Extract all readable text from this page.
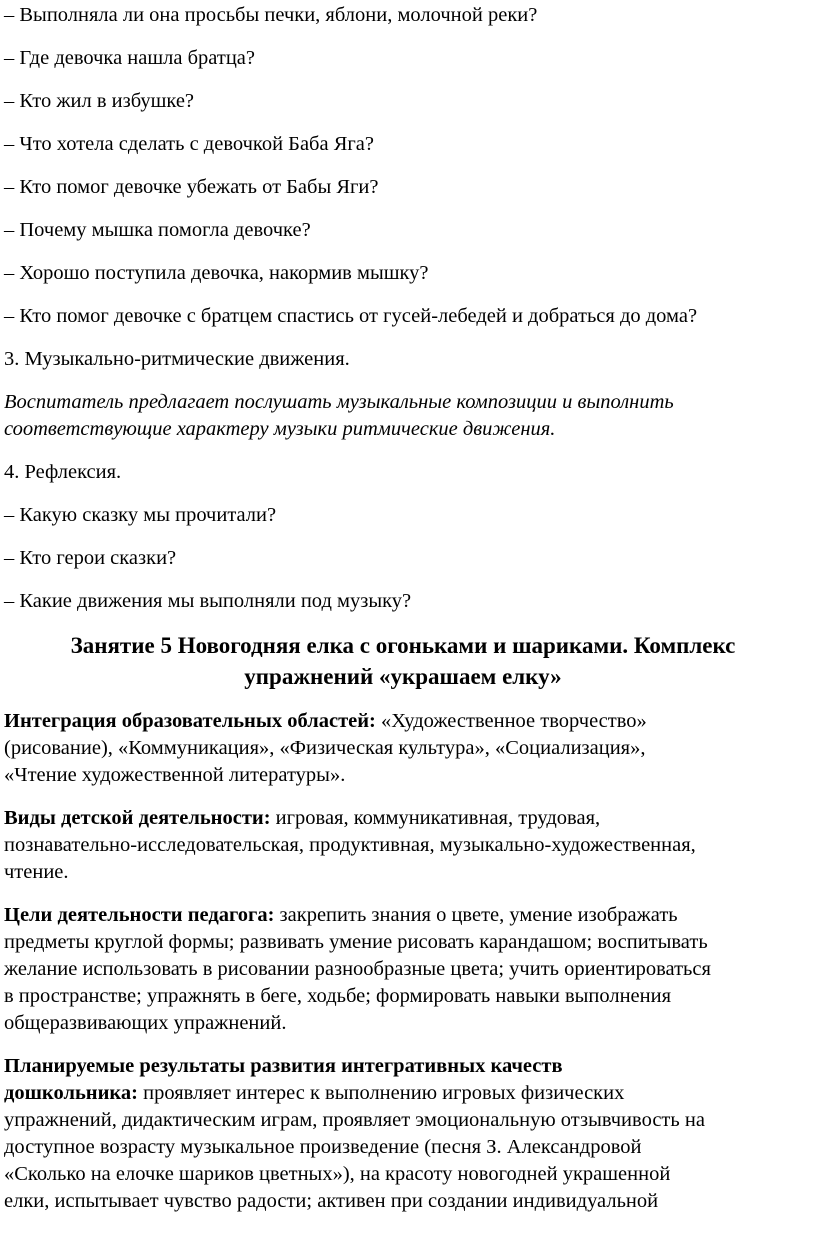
– Выполняла ли она просьбы печки, яблони, молочной реки?

– Где девочка нашла братца?

– Кто жил в избушке?

– Что хотела сделать с девочкой Баба Яга?

– Кто помог девочке убежать от Бабы Яги?

– Почему мышка помогла девочке?

– Хорошо поступила девочка, накормив мышку?

– Кто помог девочке с братцем спастись от гусей-лебедей и добраться до дома?

3. Музыкально-ритмические движения.

Воспитатель предлагает послушать музыкальные композиции и выполнить

соответствующие характеру музыки ритмические движения.

4. Рефлексия.

– Какую сказку мы прочитали?

– Кто герои сказки?

– Какие движения мы выполняли под музыку?

Занятие 5 Новогодняя елка с огоньками и шариками. Комплекс

упражнений «украшаем елку»

Интеграция образовательных областей: «Художественное творчество»

(рисование), «Коммуникация», «Физическая культура», «Социализация»,

«Чтение художественной литературы».

Виды детской деятельности: игровая, коммуникативная, трудовая,

познавательно-исследовательская, продуктивная, музыкально-художественная,

чтение.

Цели деятельности педагога: закрепить знания о цвете, умение изображать

предметы круглой формы; развивать умение рисовать карандашом; воспитывать

желание использовать в рисовании разнообразные цвета; учить ориентироваться

в пространстве; упражнять в беге, ходьбе; формировать навыки выполнения

общеразвивающих упражнений.

Планируемые результаты развития интегративных качеств

дошкольника: проявляет интерес к выполнению игровых физических

упражнений, дидактическим играм, проявляет эмоциональную отзывчивость на

доступное возрасту музыкальное произведение (песня З. Александровой

«Сколько на елочке шариков цветных»), на красоту новогодней украшенной

елки, испытывает чувство радости; активен при создании индивидуальной
